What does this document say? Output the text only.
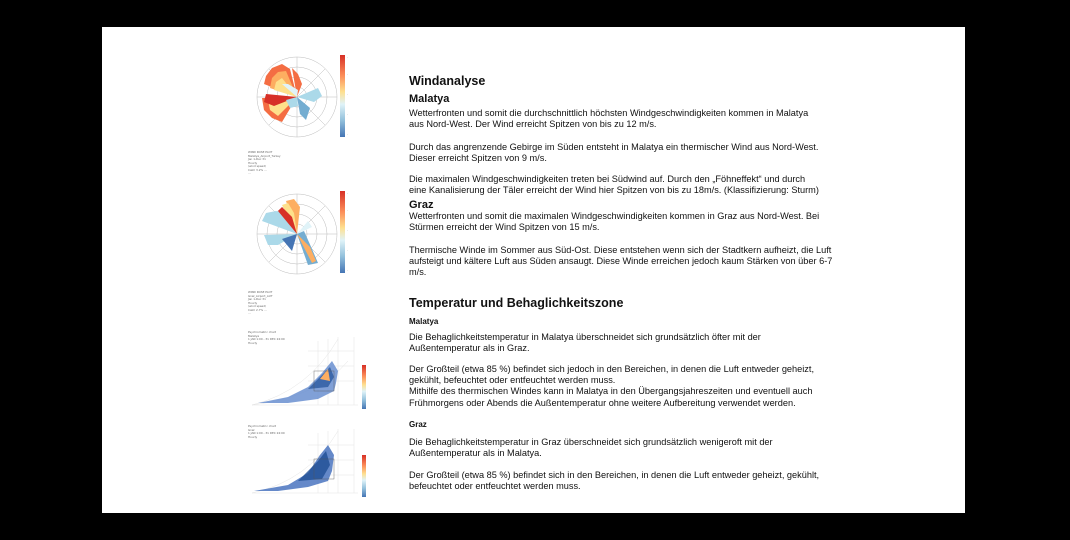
-
-
-
-
-
WIND ROSE PLOT
Malatya_Airport_Turkey
Jan 1-Dec 31
Hourly
(wind speed)
Calm 3.2% ...
...
-
-
-
-
-
WIND ROSE PLOT
Graz_Airport_AUT
Jan 1-Dec 31
Hourly
(wind speed)
Calm 2.7% ...
...
Psychrometric chart
Malatya
1 JAN 1:00 - 31 DEC 24:00
Hourly
Psychrometric chart
Graz
1 JAN 1:00 - 31 DEC 24:00
Hourly
Windanalyse
Malatya
Wetterfronten und somit die durchschnittlich höchsten Windgeschwindigkeiten kommen in Malatya
aus Nord-West. Der Wind erreicht Spitzen von bis zu 12 m/s.
Durch das angrenzende Gebirge im Süden entsteht in Malatya ein thermischer Wind aus Nord-West.
Dieser erreicht Spitzen von 9 m/s.
Die maximalen Windgeschwindigkeiten treten bei Südwind auf. Durch den „Föhneffekt“ und durch
eine Kanalisierung der Täler erreicht der Wind hier Spitzen von bis zu 18m/s. (Klassifizierung: Sturm)
Graz
Wetterfronten und somit die maximalen Windgeschwindigkeiten kommen in Graz aus Nord-West. Bei
Stürmen erreicht der Wind Spitzen von 15 m/s.
Thermische Winde im Sommer aus Süd-Ost. Diese entstehen wenn sich der Stadtkern aufheizt, die Luft
aufsteigt und kältere Luft aus Süden ansaugt. Diese Winde erreichen jedoch kaum Stärken von über 6-7
m/s.
Temperatur und Behaglichkeitszone
Malatya
Die Behaglichkeitstemperatur in Malatya überschneidet sich grundsätzlich öfter mit der
Außentemperatur als in Graz.
Der Großteil (etwa 85 %) befindet sich jedoch in den Bereichen, in denen die Luft entweder geheizt,
gekühlt, befeuchtet oder entfeuchtet werden muss.
Mithilfe des thermischen Windes kann in Malatya in den Übergangsjahreszeiten und eventuell auch
Frühmorgens oder Abends die Außentemperatur ohne weitere Aufbereitung verwendet werden.
Graz
Die Behaglichkeitstemperatur in Graz überschneidet sich grundsätzlich wenigeroft mit der
Außentemperatur als in Malatya.
Der Großteil (etwa 85 %) befindet sich in den Bereichen, in denen die Luft entweder geheizt, gekühlt,
befeuchtet oder entfeuchtet werden muss.
